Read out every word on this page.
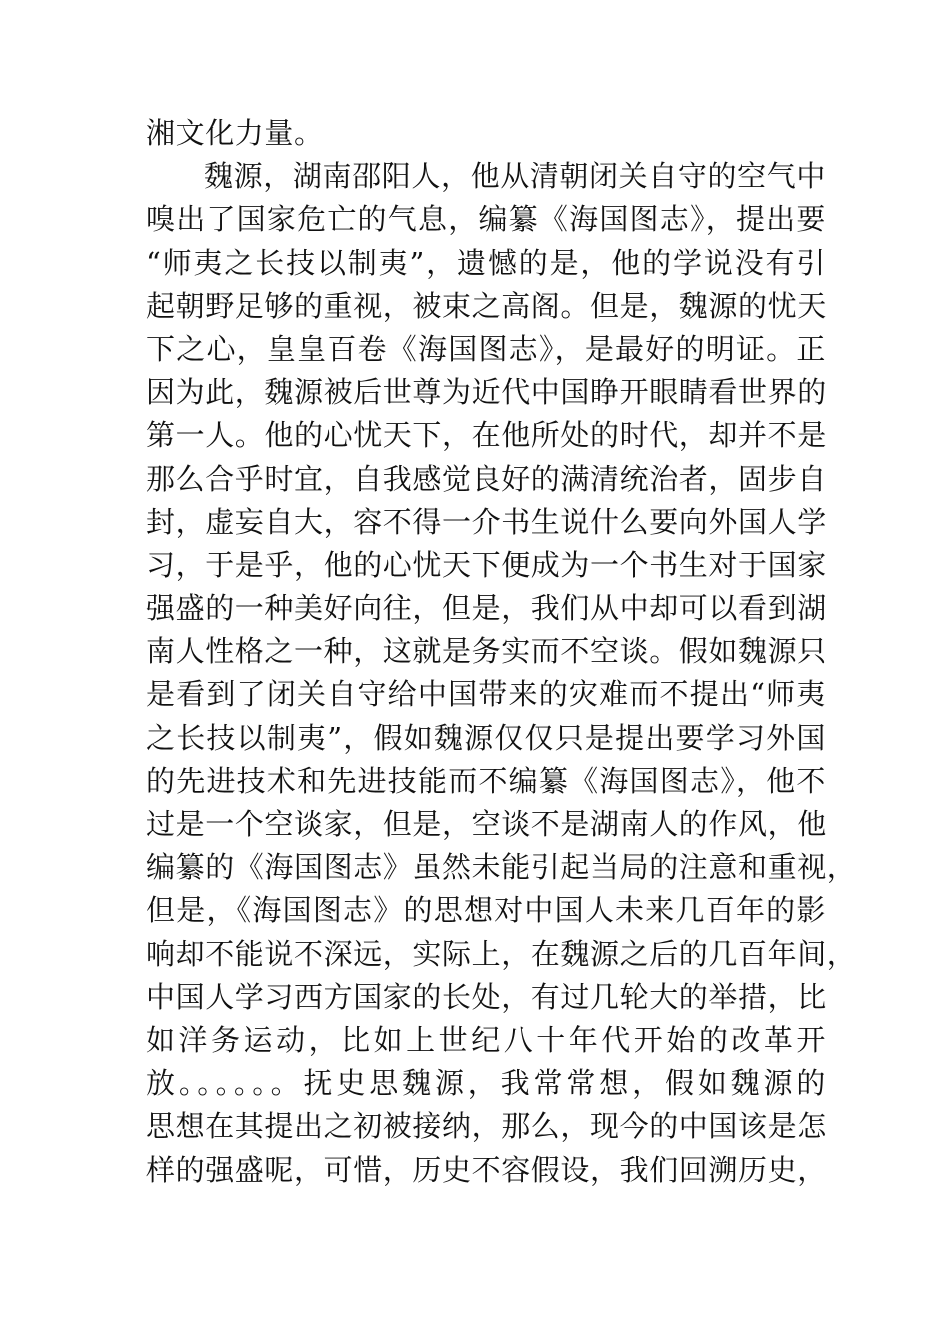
湘文化力量。
魏源，湖南邵阳人，他从清朝闭关自守的空气中
嗅出了国家危亡的气息，编纂《海国图志》，提出要
“师夷之长技以制夷”，遗憾的是，他的学说没有引
起朝野足够的重视，被束之高阁。但是，魏源的忧天
下之心，皇皇百卷《海国图志》，是最好的明证。正
因为此，魏源被后世尊为近代中国睁开眼睛看世界的
第一人。他的心忧天下，在他所处的时代，却并不是
那么合乎时宜，自我感觉良好的满清统治者，固步自
封，虚妄自大，容不得一介书生说什么要向外国人学
习，于是乎，他的心忧天下便成为一个书生对于国家
强盛的一种美好向往，但是，我们从中却可以看到湖
南人性格之一种，这就是务实而不空谈。假如魏源只
是看到了闭关自守给中国带来的灾难而不提出“师夷
之长技以制夷”，假如魏源仅仅只是提出要学习外国
的先进技术和先进技能而不编纂《海国图志》，他不
过是一个空谈家，但是，空谈不是湖南人的作风，他
编纂的《海国图志》虽然未能引起当局的注意和重视，
但是，《海国图志》的思想对中国人未来几百年的影
响却不能说不深远，实际上，在魏源之后的几百年间，
中国人学习西方国家的长处，有过几轮大的举措，比
如洋务运动，比如上世纪八十年代开始的改革开
放。。。。。。抚史思魏源，我常常想，假如魏源的
思想在其提出之初被接纳，那么，现今的中国该是怎
样的强盛呢，可惜，历史不容假设，我们回溯历史，
